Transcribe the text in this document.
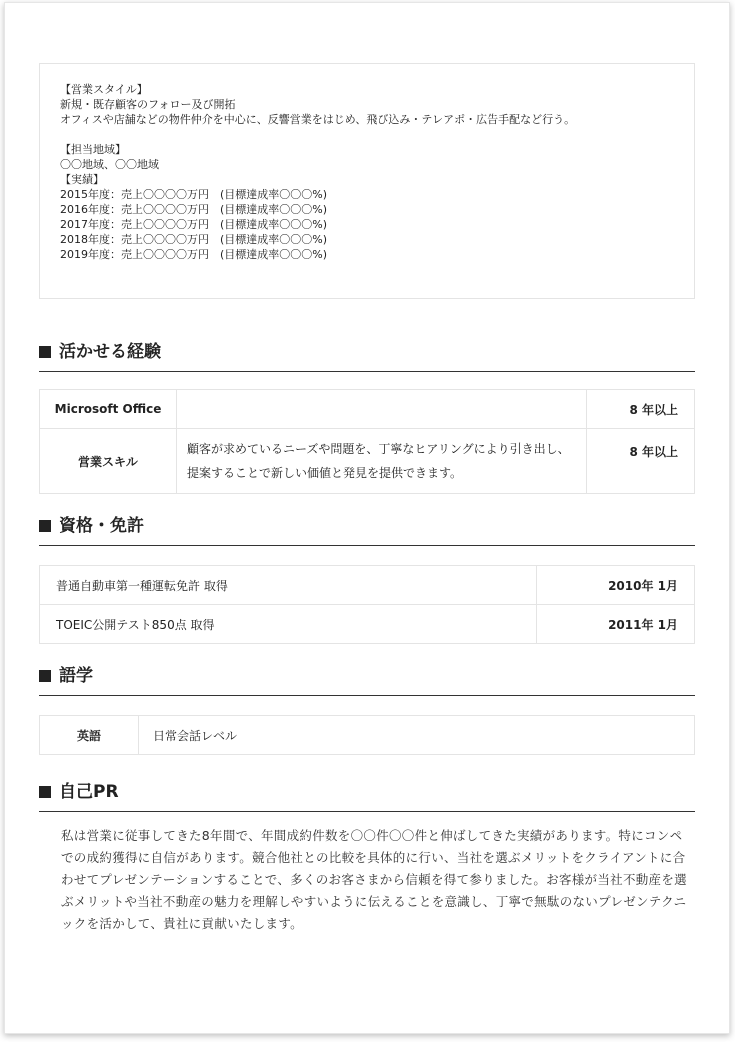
【営業スタイル】
新規・既存顧客のフォロー及び開拓
オフィスや店舗などの物件仲介を中心に、反響営業をはじめ、飛び込み・テレアポ・広告手配など行う。
【担当地域】
〇〇地域、〇〇地域
【実績】
2015年度：売上〇〇〇〇万円　(目標達成率〇〇〇%)
2016年度：売上〇〇〇〇万円　(目標達成率〇〇〇%)
2017年度：売上〇〇〇〇万円　(目標達成率〇〇〇%)
2018年度：売上〇〇〇〇万円　(目標達成率〇〇〇%)
2019年度：売上〇〇〇〇万円　(目標達成率〇〇〇%)
活かせる経験
Microsoft Office		8 年以上
営業スキル	顧客が求めているニーズや問題を、丁寧なヒアリングにより引き出し、提案することで新しい価値と発見を提供できます。	8 年以上
資格・免許
普通自動車第一種運転免許 取得	2010年 1月
TOEIC公開テスト850点 取得	2011年 1月
語学
英語	日常会話レベル
自己PR
私は営業に従事してきた8年間で、年間成約件数を〇〇件〇〇件と伸ばしてきた実績があります。特にコンペでの成約獲得に自信があります。競合他社との比較を具体的に行い、当社を選ぶメリットをクライアントに合わせてプレゼンテーションすることで、多くのお客さまから信頼を得て参りました。お客様が当社不動産を選ぶメリットや当社不動産の魅力を理解しやすいように伝えることを意識し、丁寧で無駄のないプレゼンテクニックを活かして、貴社に貢献いたします。
